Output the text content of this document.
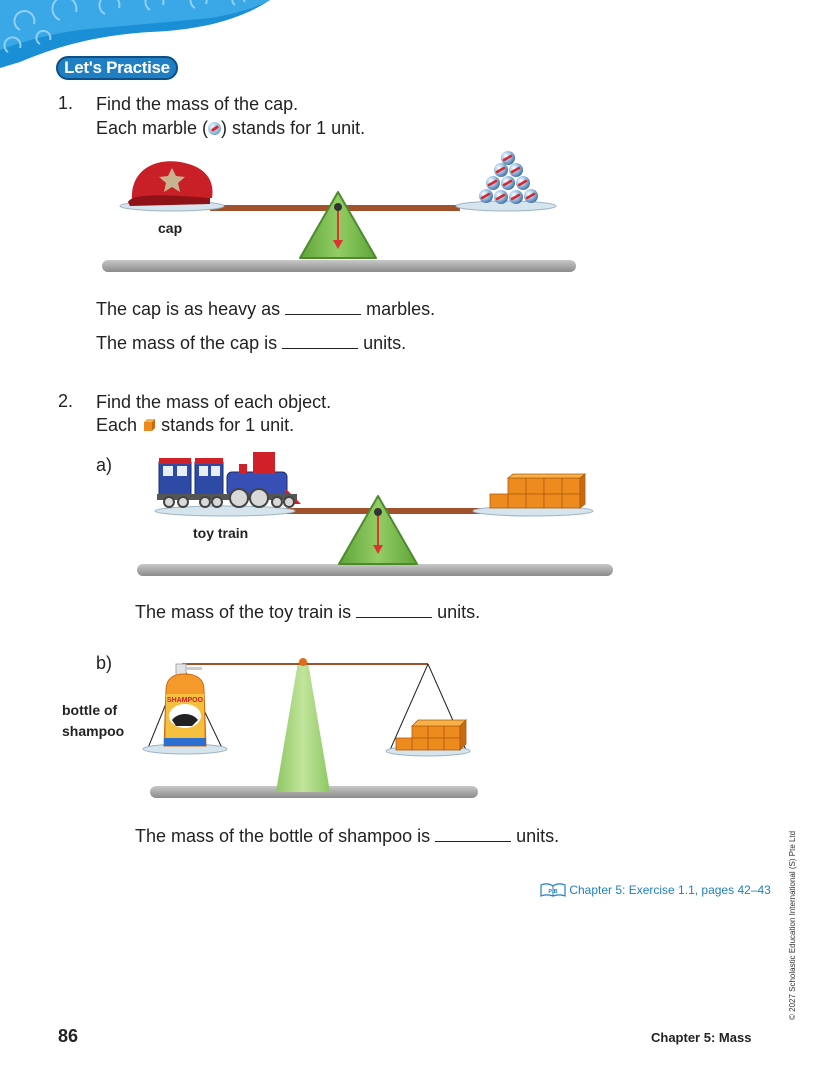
Let's Practise
1. Find the mass of the cap.
Each marble ( ) stands for 1 unit.
cap
The cap is as heavy as	marbles.
The mass of the cap is	units.
2. Find the mass of each object.
Each stands for 1 unit.
a)
toy train
The mass of the toy train is	units.
b)
SHAMPOO
bottle of
shampoo
The mass of the bottle of shampoo is	units.
P/B Chapter 5: Exercise 1.1, pages 42–43
86	Chapter 5: Mass
© 2027 Scholastic Education International (S) Pte Ltd
